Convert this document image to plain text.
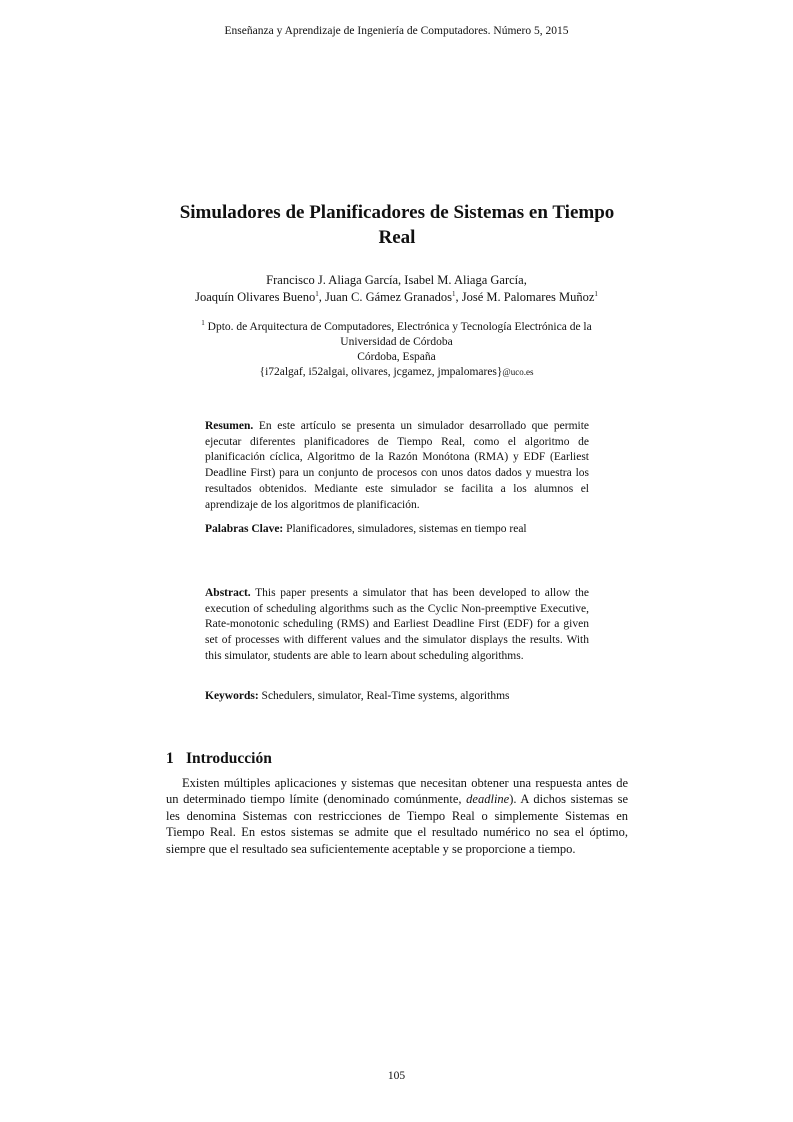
Enseñanza y Aprendizaje de Ingeniería de Computadores. Número 5, 2015
Simuladores de Planificadores de Sistemas en Tiempo Real
Francisco J. Aliaga García, Isabel M. Aliaga García,
Joaquín Olivares Bueno$^1$, Juan C. Gámez Granados$^1$, José M. Palomares Muñoz$^1$
$^1$ Dpto. de Arquitectura de Computadores, Electrónica y Tecnología Electrónica de la
Universidad de Córdoba
Córdoba, España
{i72algaf, i52algai, olivares, jcgamez, jmpalomares}@uco.es

Resumen. En este artículo se presenta un simulador desarrollado que permite ejecutar diferentes planificadores de Tiempo Real, como el algoritmo de planificación cíclica, Algoritmo de la Razón Monótona (RMA) y EDF (Earliest Deadline First) para un conjunto de procesos con unos datos dados y muestra los resultados obtenidos. Mediante este simulador se facilita a los alumnos el aprendizaje de los algoritmos de planificación.

Palabras Clave: Planificadores, simuladores, sistemas en tiempo real

Abstract. This paper presents a simulator that has been developed to allow the execution of scheduling algorithms such as the Cyclic Non-preemptive Executive, Rate-monotonic scheduling (RMS) and Earliest Deadline First (EDF) for a given set of processes with different values and the simulator displays the results. With this simulator, students are able to learn about scheduling algorithms.

Keywords: Schedulers, simulator, Real-Time systems, algorithms

1 Introducción

Existen múltiples aplicaciones y sistemas que necesitan obtener una respuesta antes de un determinado tiempo límite (denominado comúnmente, deadline). A dichos sistemas se les denomina Sistemas con restricciones de Tiempo Real o simplemente Sistemas en Tiempo Real. En estos sistemas se admite que el resultado numérico no sea el óptimo, siempre que el resultado sea suficientemente aceptable y se proporcione a tiempo.

105
